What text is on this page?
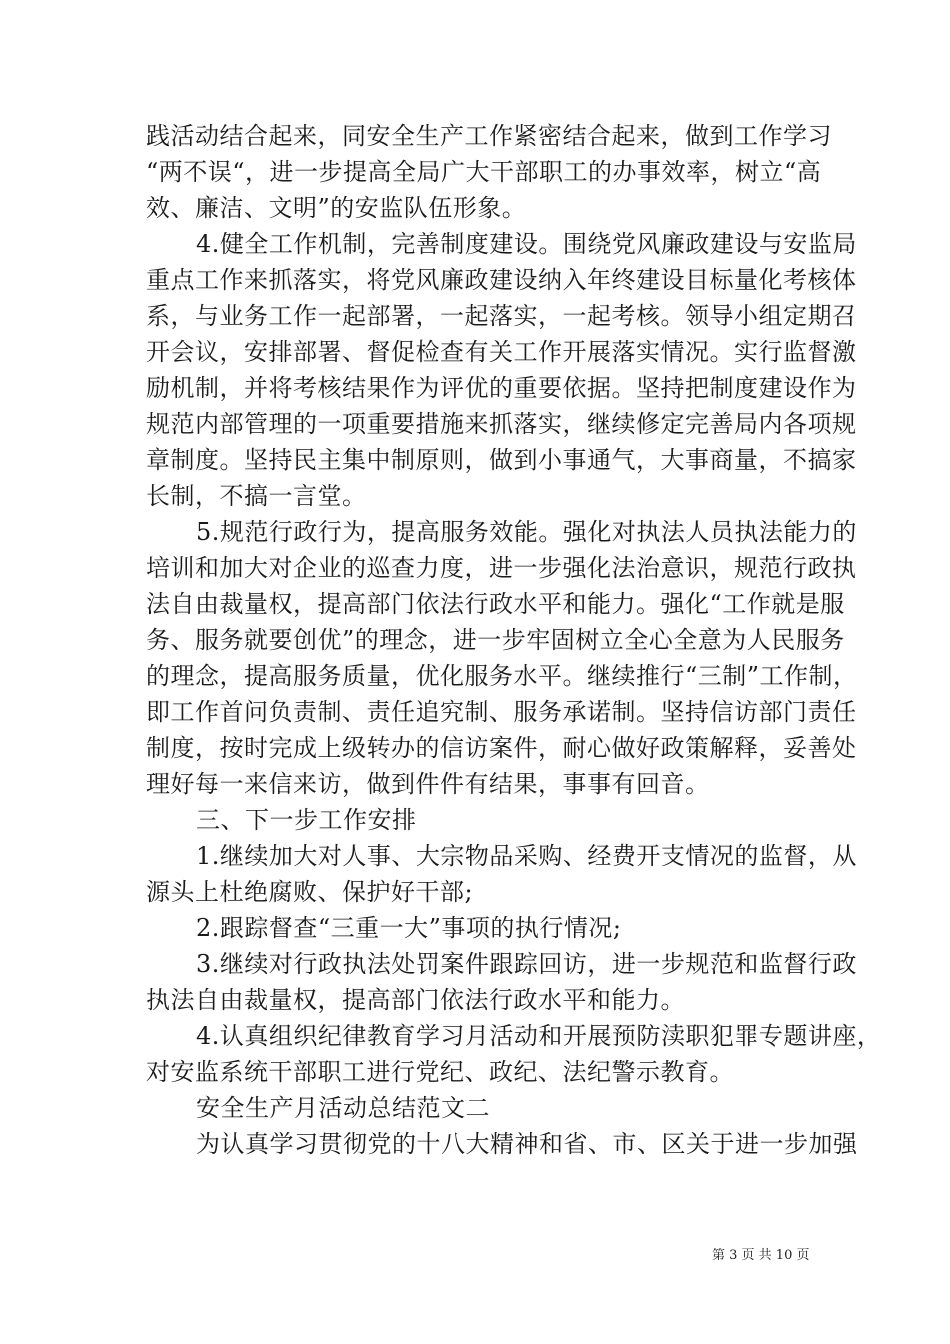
践活动结合起来，同安全生产工作紧密结合起来，做到工作学习
“两不误“，进一步提高全局广大干部职工的办事效率，树立“高
效、廉洁、文明”的安监队伍形象。
4.健全工作机制，完善制度建设。围绕党风廉政建设与安监局
重点工作来抓落实，将党风廉政建设纳入年终建设目标量化考核体
系，与业务工作一起部署，一起落实，一起考核。领导小组定期召
开会议，安排部署、督促检查有关工作开展落实情况。实行监督激
励机制，并将考核结果作为评优的重要依据。坚持把制度建设作为
规范内部管理的一项重要措施来抓落实，继续修定完善局内各项规
章制度。坚持民主集中制原则，做到小事通气，大事商量，不搞家
长制，不搞一言堂。
5.规范行政行为，提高服务效能。强化对执法人员执法能力的
培训和加大对企业的巡查力度，进一步强化法治意识，规范行政执
法自由裁量权，提高部门依法行政水平和能力。强化“工作就是服
务、服务就要创优”的理念，进一步牢固树立全心全意为人民服务
的理念，提高服务质量，优化服务水平。继续推行“三制”工作制，
即工作首问负责制、责任追究制、服务承诺制。坚持信访部门责任
制度，按时完成上级转办的信访案件，耐心做好政策解释，妥善处
理好每一来信来访，做到件件有结果，事事有回音。
三、下一步工作安排
1.继续加大对人事、大宗物品采购、经费开支情况的监督，从
源头上杜绝腐败、保护好干部;
2.跟踪督查“三重一大”事项的执行情况;
3.继续对行政执法处罚案件跟踪回访，进一步规范和监督行政
执法自由裁量权，提高部门依法行政水平和能力。
4.认真组织纪律教育学习月活动和开展预防渎职犯罪专题讲座，
对安监系统干部职工进行党纪、政纪、法纪警示教育。
安全生产月活动总结范文二
为认真学习贯彻党的十八大精神和省、市、区关于进一步加强
第 3 页 共 10 页
